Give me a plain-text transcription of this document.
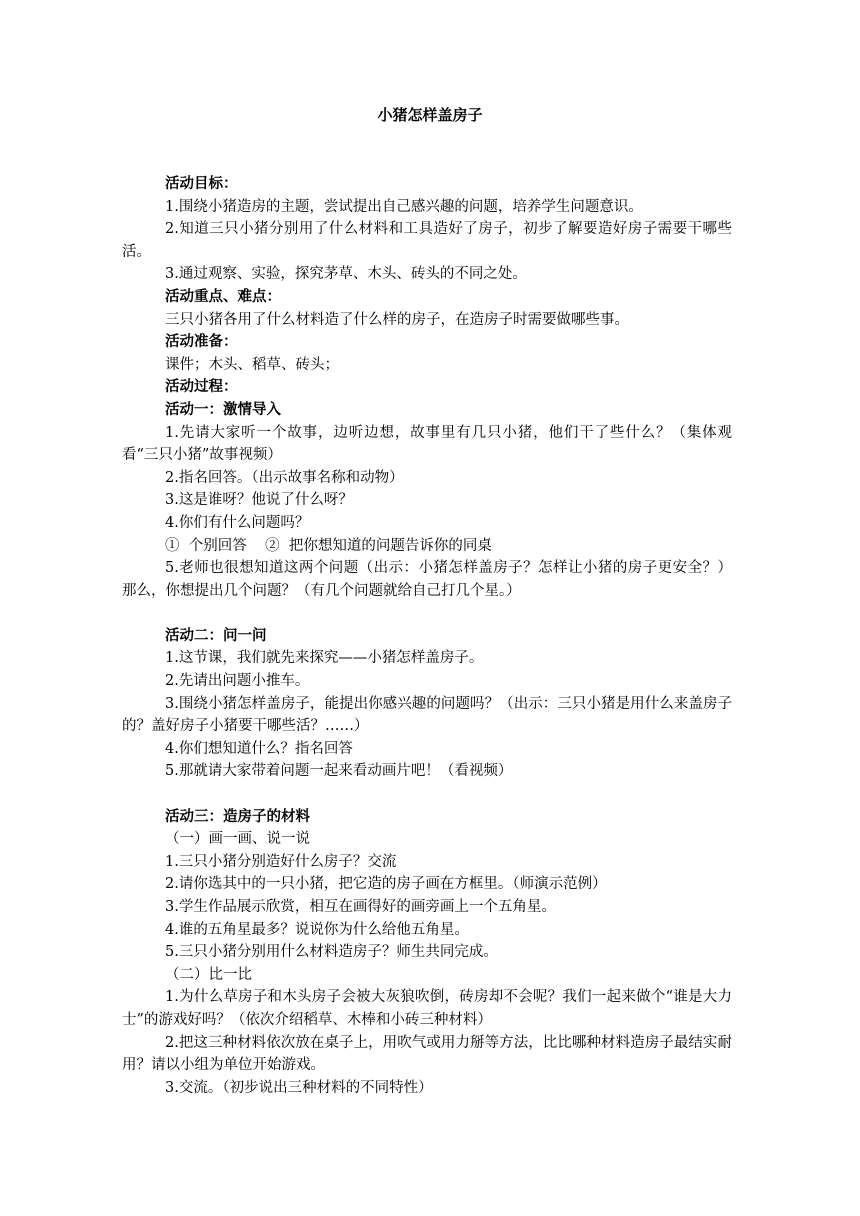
小猪怎样盖房子
活动目标：
1.围绕小猪造房的主题，尝试提出自己感兴趣的问题，培养学生问题意识。
2.知道三只小猪分别用了什么材料和工具造好了房子，初步了解要造好房子需要干哪些活。
3.通过观察、实验，探究茅草、木头、砖头的不同之处。
活动重点、难点：
三只小猪各用了什么材料造了什么样的房子，在造房子时需要做哪些事。
活动准备：
课件；木头、稻草、砖头；
活动过程：
活动一：激情导入
1.先请大家听一个故事，边听边想，故事里有几只小猪，他们干了些什么？（集体观看“三只小猪”故事视频）
2.指名回答。（出示故事名称和动物）
3.这是谁呀？他说了什么呀？
4.你们有什么问题吗？
①  个别回答    ②  把你想知道的问题告诉你的同桌
5.老师也很想知道这两个问题（出示：小猪怎样盖房子？怎样让小猪的房子更安全？） 那么，你想提出几个问题？（有几个问题就给自己打几个星。）
活动二：问一问
1.这节课，我们就先来探究——小猪怎样盖房子。
2.先请出问题小推车。
3.围绕小猪怎样盖房子，能提出你感兴趣的问题吗？（出示：三只小猪是用什么来盖房子的？盖好房子小猪要干哪些活？……）
4.你们想知道什么？指名回答
5.那就请大家带着问题一起来看动画片吧！（看视频）
活动三：造房子的材料
（一）画一画、说一说
1.三只小猪分别造好什么房子？交流
2.请你选其中的一只小猪，把它造的房子画在方框里。（师演示范例）
3.学生作品展示欣赏，相互在画得好的画旁画上一个五角星。
4.谁的五角星最多？说说你为什么给他五角星。
5.三只小猪分别用什么材料造房子？师生共同完成。
（二）比一比
1.为什么草房子和木头房子会被大灰狼吹倒，砖房却不会呢？我们一起来做个“谁是大力士”的游戏好吗？（依次介绍稻草、木棒和小砖三种材料）
2.把这三种材料依次放在桌子上，用吹气或用力掰等方法，比比哪种材料造房子最结实耐用？请以小组为单位开始游戏。
3.交流。（初步说出三种材料的不同特性）
